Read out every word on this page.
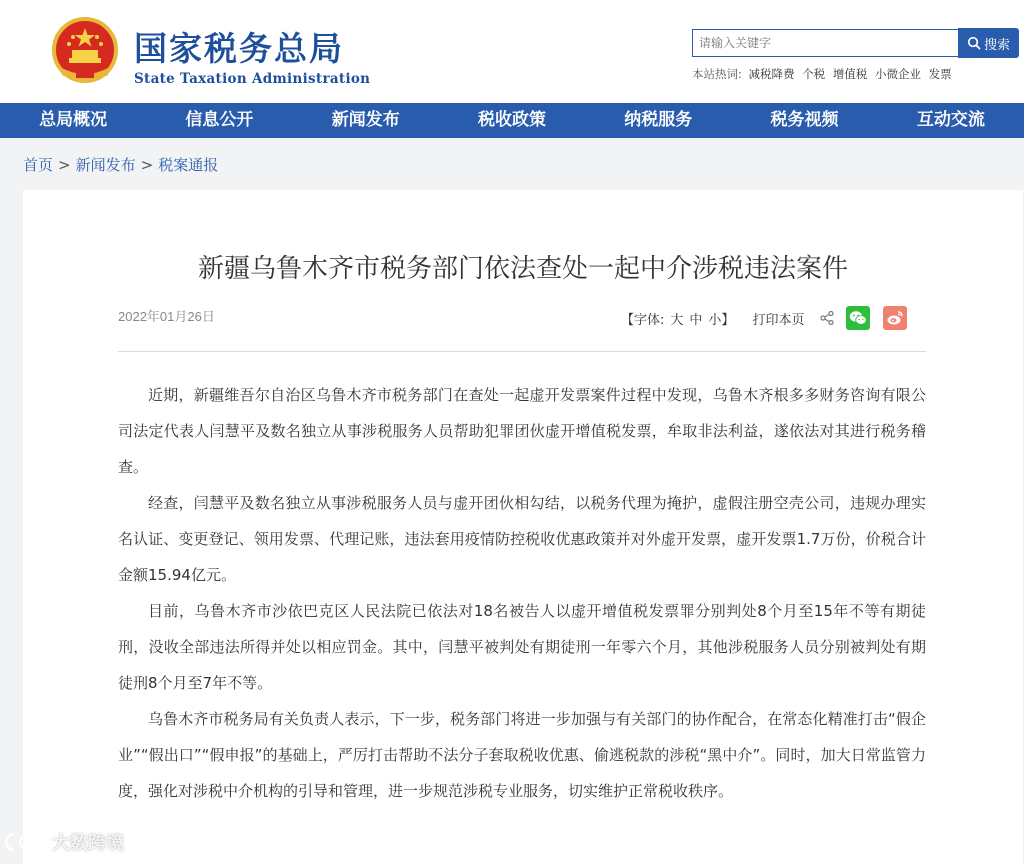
国家税务总局
State Taxation Administration
请输入关键字
搜索
本站热词: 减税降费 个税 增值税 小微企业 发票
总局概况	信息公开	新闻发布	税收政策	纳税服务	税务视频	互动交流
首页 > 新闻发布 > 税案通报
新疆乌鲁木齐市税务部门依法查处一起中介涉税违法案件
2022年01月26日	【字体: 大 中 小】 打印本页

近期，新疆维吾尔自治区乌鲁木齐市税务部门在查处一起虚开发票案件过程中发现，乌鲁木齐根多多财务咨询有限公司法定代表人闫慧平及数名独立从事涉税服务人员帮助犯罪团伙虚开增值税发票，牟取非法利益，遂依法对其进行税务稽查。

经查，闫慧平及数名独立从事涉税服务人员与虚开团伙相勾结，以税务代理为掩护，虚假注册空壳公司，违规办理实名认证、变更登记、领用发票、代理记账，违法套用疫情防控税收优惠政策并对外虚开发票，虚开发票1.7万份，价税合计金额15.94亿元。

目前，乌鲁木齐市沙依巴克区人民法院已依法对18名被告人以虚开增值税发票罪分别判处8个月至15年不等有期徒刑，没收全部违法所得并处以相应罚金。其中，闫慧平被判处有期徒刑一年零六个月，其他涉税服务人员分别被判处有期徒刑8个月至7年不等。

乌鲁木齐市税务局有关负责人表示，下一步，税务部门将进一步加强与有关部门的协作配合，在常态化精准打击“假企业”“假出口”“假申报”的基础上，严厉打击帮助不法分子套取税收优惠、偷逃税款的涉税“黑中介”。同时，加大日常监管力度，强化对涉税中介机构的引导和管理，进一步规范涉税专业服务，切实维护正常税收秩序。

大数跨境
